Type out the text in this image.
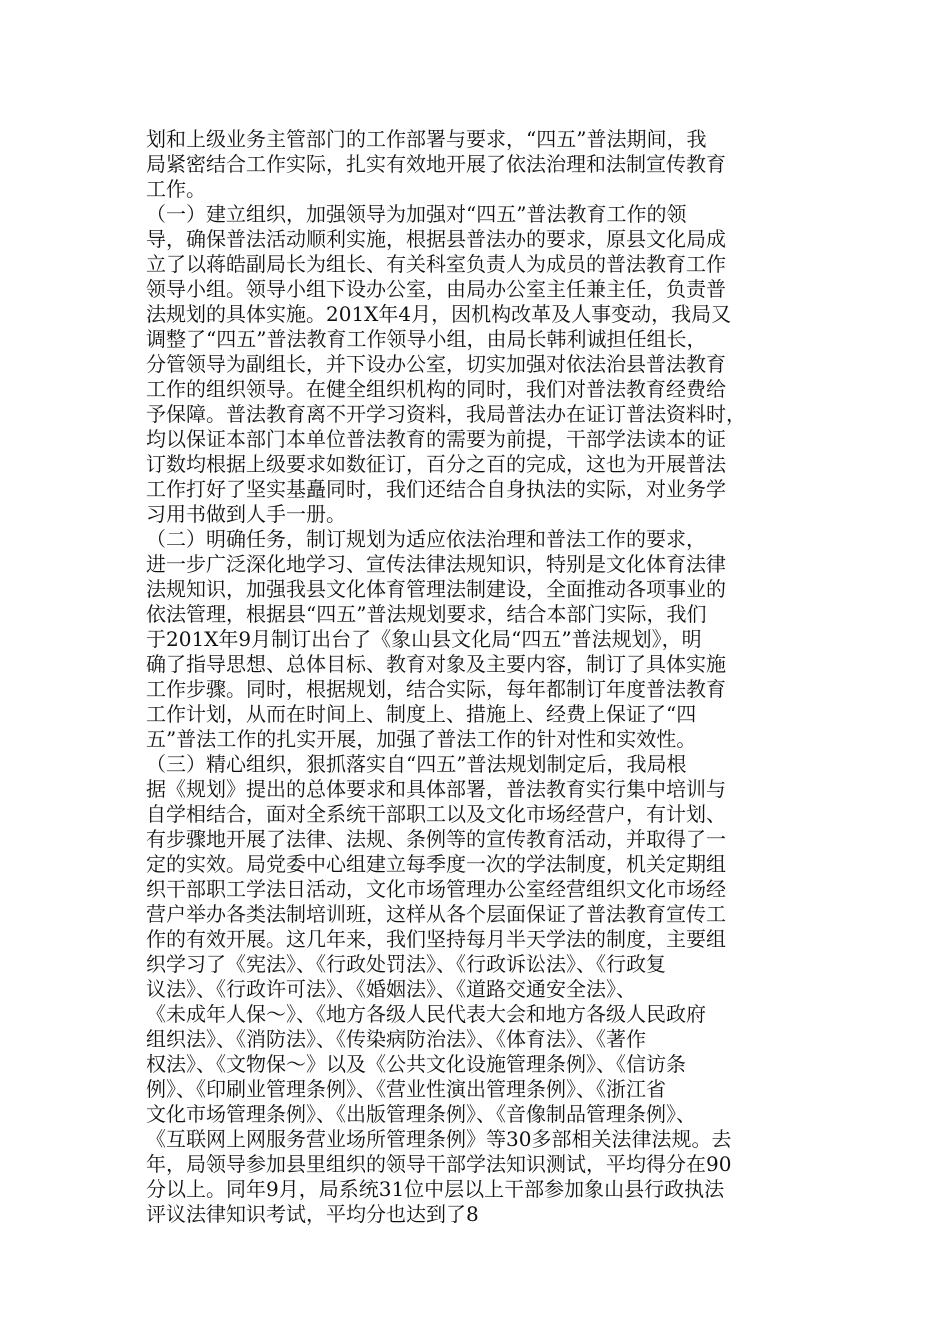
划和上级业务主管部门的工作部署与要求，“四五”普法期间，我
局紧密结合工作实际，扎实有效地开展了依法治理和法制宣传教育
工作。
（一）建立组织，加强领导为加强对“四五”普法教育工作的领
导，确保普法活动顺利实施，根据县普法办的要求，原县文化局成
立了以蒋皓副局长为组长、有关科室负责人为成员的普法教育工作
领导小组。领导小组下设办公室，由局办公室主任兼主任，负责普
法规划的具体实施。201X年4月，因机构改革及人事变动，我局又
调整了“四五”普法教育工作领导小组，由局长韩利诚担任组长，
分管领导为副组长，并下设办公室，切实加强对依法治县普法教育
工作的组织领导。在健全组织机构的同时，我们对普法教育经费给
予保障。普法教育离不开学习资料，我局普法办在证订普法资料时，
均以保证本部门本单位普法教育的需要为前提，干部学法读本的证
订数均根据上级要求如数征订，百分之百的完成，这也为开展普法
工作打好了坚实基矗同时，我们还结合自身执法的实际，对业务学
习用书做到人手一册。
（二）明确任务，制订规划为适应依法治理和普法工作的要求，
进一步广泛深化地学习、宣传法律法规知识，特别是文化体育法律
法规知识，加强我县文化体育管理法制建设，全面推动各项事业的
依法管理，根据县“四五”普法规划要求，结合本部门实际，我们
于201X年9月制订出台了《象山县文化局“四五”普法规划》，明
确了指导思想、总体目标、教育对象及主要内容，制订了具体实施
工作步骤。同时，根据规划，结合实际，每年都制订年度普法教育
工作计划，从而在时间上、制度上、措施上、经费上保证了“四
五”普法工作的扎实开展，加强了普法工作的针对性和实效性。
（三）精心组织，狠抓落实自“四五”普法规划制定后，我局根
据《规划》提出的总体要求和具体部署，普法教育实行集中培训与
自学相结合，面对全系统干部职工以及文化市场经营户，有计划、
有步骤地开展了法律、法规、条例等的宣传教育活动，并取得了一
定的实效。局党委中心组建立每季度一次的学法制度，机关定期组
织干部职工学法日活动，文化市场管理办公室经营组织文化市场经
营户举办各类法制培训班，这样从各个层面保证了普法教育宣传工
作的有效开展。这几年来，我们坚持每月半天学法的制度，主要组
织学习了《宪法》、《行政处罚法》、《行政诉讼法》、《行政复
议法》、《行政许可法》、《婚姻法》、《道路交通安全法》、
《未成年人保～》、《地方各级人民代表大会和地方各级人民政府
组织法》、《消防法》、《传染病防治法》、《体育法》、《著作
权法》、《文物保～》以及《公共文化设施管理条例》、《信访条
例》、《印刷业管理条例》、《营业性演出管理条例》、《浙江省
文化市场管理条例》、《出版管理条例》、《音像制品管理条例》、
《互联网上网服务营业场所管理条例》等30多部相关法律法规。去
年，局领导参加县里组织的领导干部学法知识测试，平均得分在90
分以上。同年9月，局系统31位中层以上干部参加象山县行政执法
评议法律知识考试，平均分也达到了8
